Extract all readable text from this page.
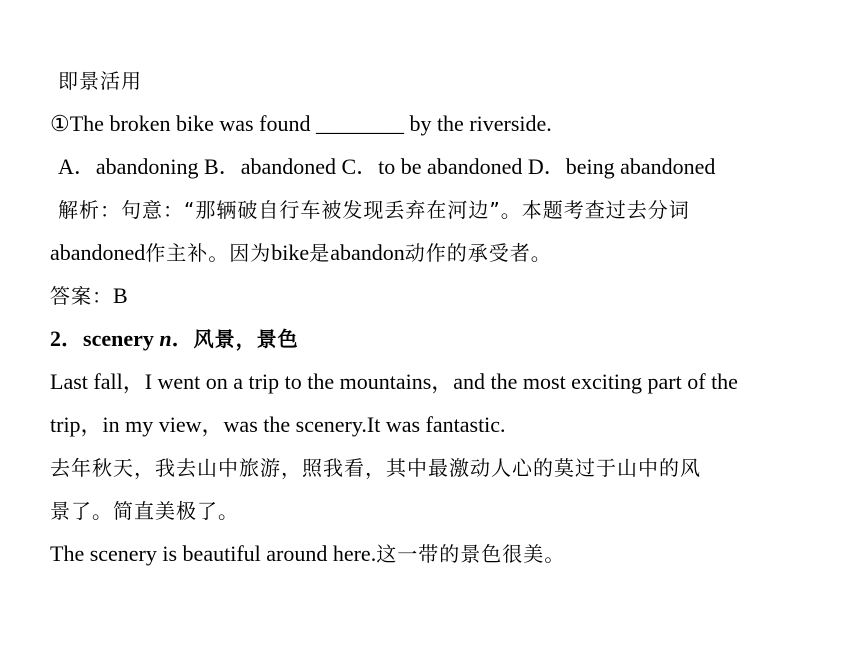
即景活用
①The broken bike was found ________ by the riverside.
A．abandoning B．abandoned C．to be abandoned D．being abandoned
解析：句意：“那辆破自行车被发现丢弃在河边”。本题考查过去分词
abandoned作主补。因为bike是abandon动作的承受者。
答案：B
2．scenery n．风景，景色
Last fall，I went on a trip to the mountains，and the most exciting part of the
trip，in my view，was the scenery.It was fantastic.
去年秋天，我去山中旅游，照我看，其中最激动人心的莫过于山中的风
景了。简直美极了。
The scenery is beautiful around here.这一带的景色很美。
